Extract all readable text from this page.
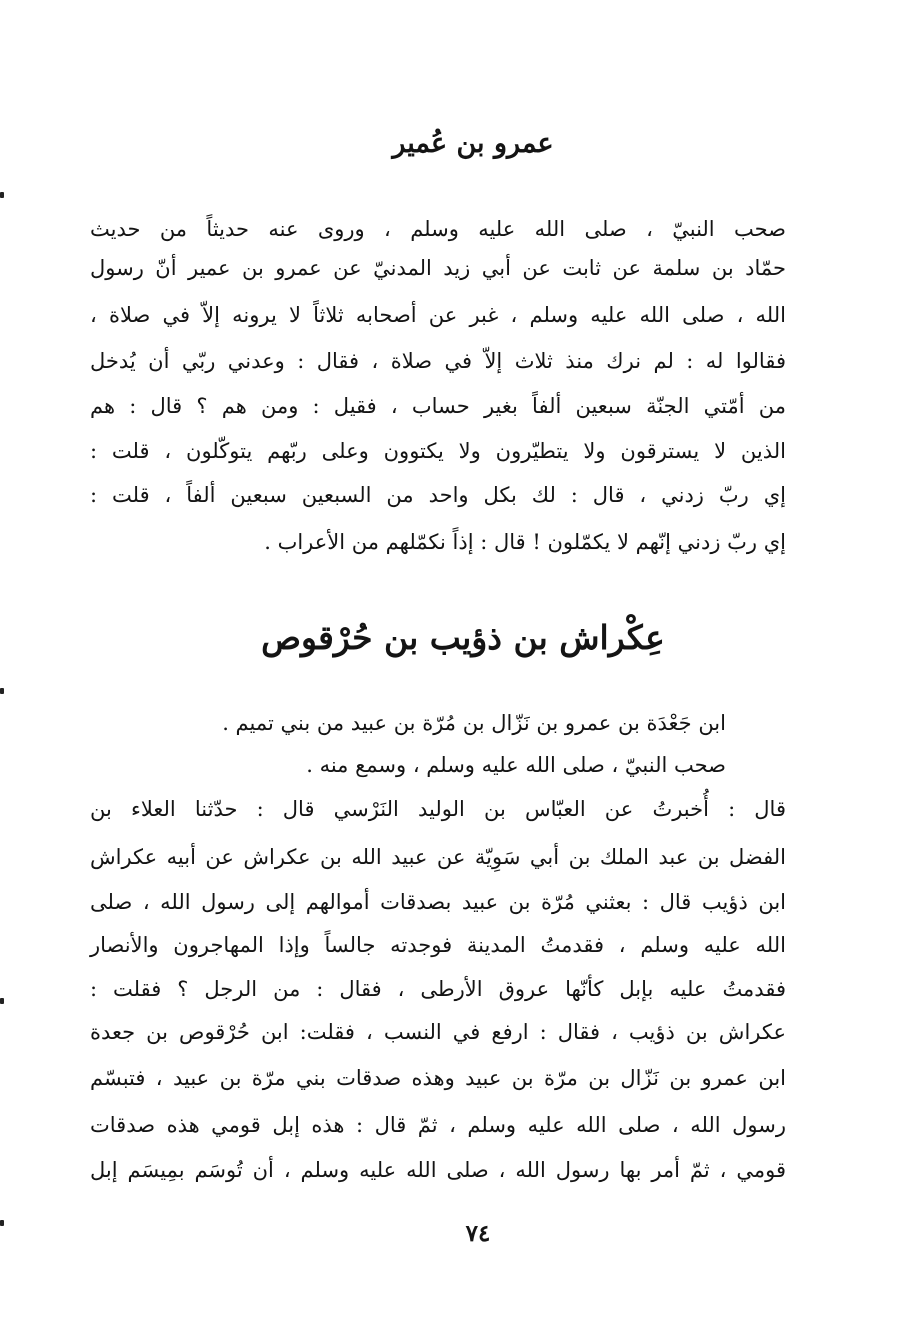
عمرو بن عُمير
صحب النبيّ ، صلى الله عليه وسلم ، وروى عنه حديثاً من حديث
حمّاد بن سلمة عن ثابت عن أبي زيد المدنيّ عن عمرو بن عمير أنّ رسول
الله ، صلى الله عليه وسلم ، غبر عن أصحابه ثلاثاً لا يرونه إلاّ في صلاة ،
فقالوا له : لم نرك منذ ثلاث إلاّ في صلاة ، فقال : وعدني ربّي أن يُدخل
من أمّتي الجنّة سبعين ألفاً بغير حساب ، فقيل : ومن هم ؟ قال : هم
الذين لا يسترقون ولا يتطيّرون ولا يكتوون وعلى ربّهم يتوكّلون ، قلت :
إي ربّ زدني ، قال : لك بكل واحد من السبعين سبعين ألفاً ، قلت :
إي ربّ زدني إنّهم لا يكمّلون ! قال : إذاً نكمّلهم من الأعراب .
عِكْراش بن ذؤيب بن حُرْقوص
ابن جَعْدَة بن عمرو بن نَزّال بن مُرّة بن عبيد من بني تميم .
صحب النبيّ ، صلى الله عليه وسلم ، وسمع منه .
قال : أُخبرتُ عن العبّاس بن الوليد النَرْسي قال : حدّثنا العلاء بن
الفضل بن عبد الملك بن أبي سَوِيّة عن عبيد الله بن عكراش عن أبيه عكراش
ابن ذؤيب قال : بعثني مُرّة بن عبيد بصدقات أموالهم إلى رسول الله ، صلى
الله عليه وسلم ، فقدمتُ المدينة فوجدته جالساً وإذا المهاجرون والأنصار
فقدمتُ عليه بإبل كأنّها عروق الأرطى ، فقال : من الرجل ؟ فقلت :
عكراش بن ذؤيب ، فقال : ارفع في النسب ، فقلت: ابن حُرْقوص بن جعدة
ابن عمرو بن نَزّال بن مرّة بن عبيد وهذه صدقات بني مرّة بن عبيد ، فتبسّم
رسول الله ، صلى الله عليه وسلم ، ثمّ قال : هذه إبل قومي هذه صدقات
قومي ، ثمّ أمر بها رسول الله ، صلى الله عليه وسلم ، أن تُوسَم بمِيسَم إبل
٧٤
